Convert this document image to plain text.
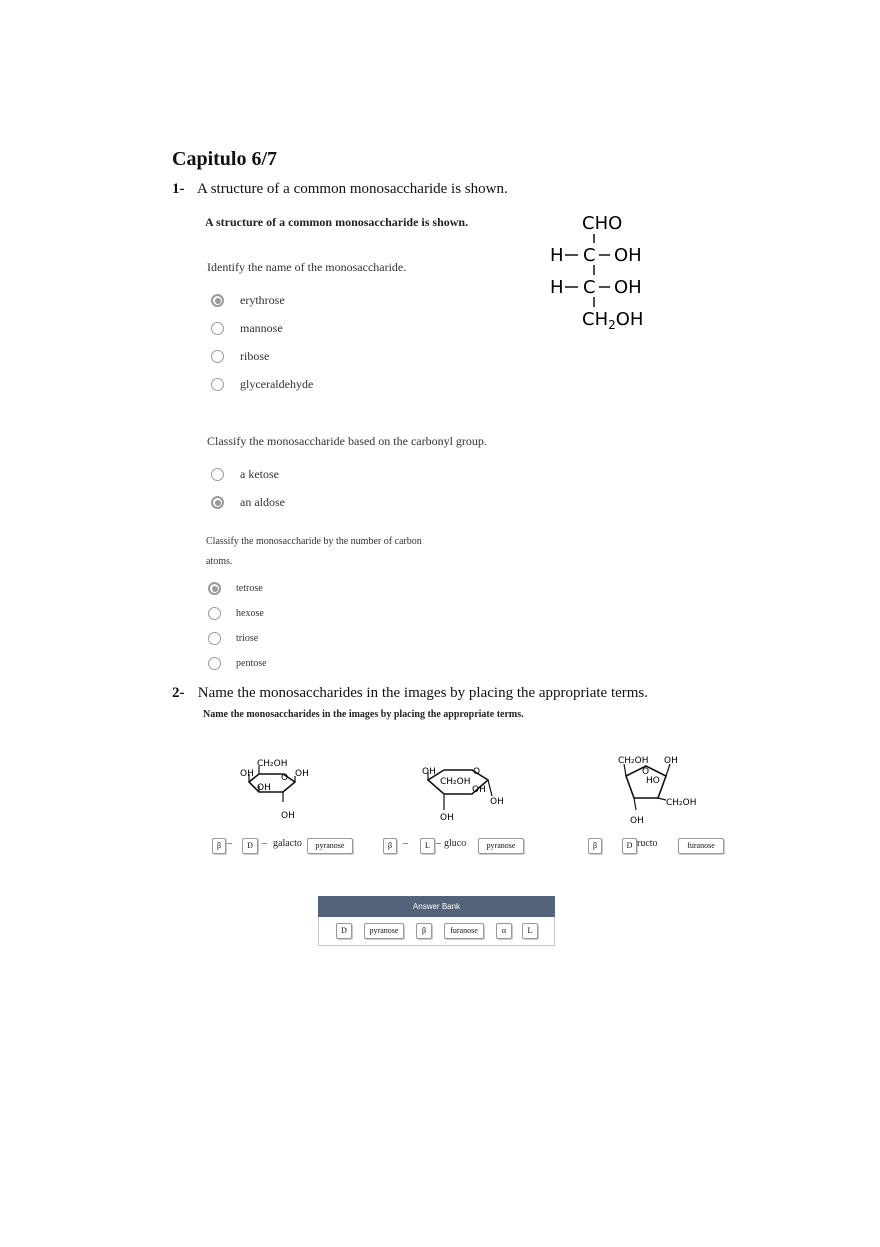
Capitulo 6/7
1- A structure of a common monosaccharide is shown.
A structure of a common monosaccharide is shown.	CHO
H C OH
H C OH
$CH_2OH$
Identify the name of the monosaccharide.
erythrose
mannose
ribose
glyceraldehyde
Classify the monosaccharide based on the carbonyl group.
a ketose
an aldose
Classify the monosaccharide by the number of carbon
atoms.
tetrose
hexose
triose
pentose
2- Name the monosaccharides in the images by placing the appropriate terms.
Name the monosaccharides in the images by placing the appropriate terms.
CH₂OH
OH	O OH
OH
OH
OH
CH₂OH
O
OH
OH
OH
CH₂OH OH
O
HO
CH₂OH
OH
β –	D – galacto	pyranose	β	–	L – gluco	pyranose	β	D ructo	furanose
Answer Bank
D	pyranose	β	furanose	α	L
